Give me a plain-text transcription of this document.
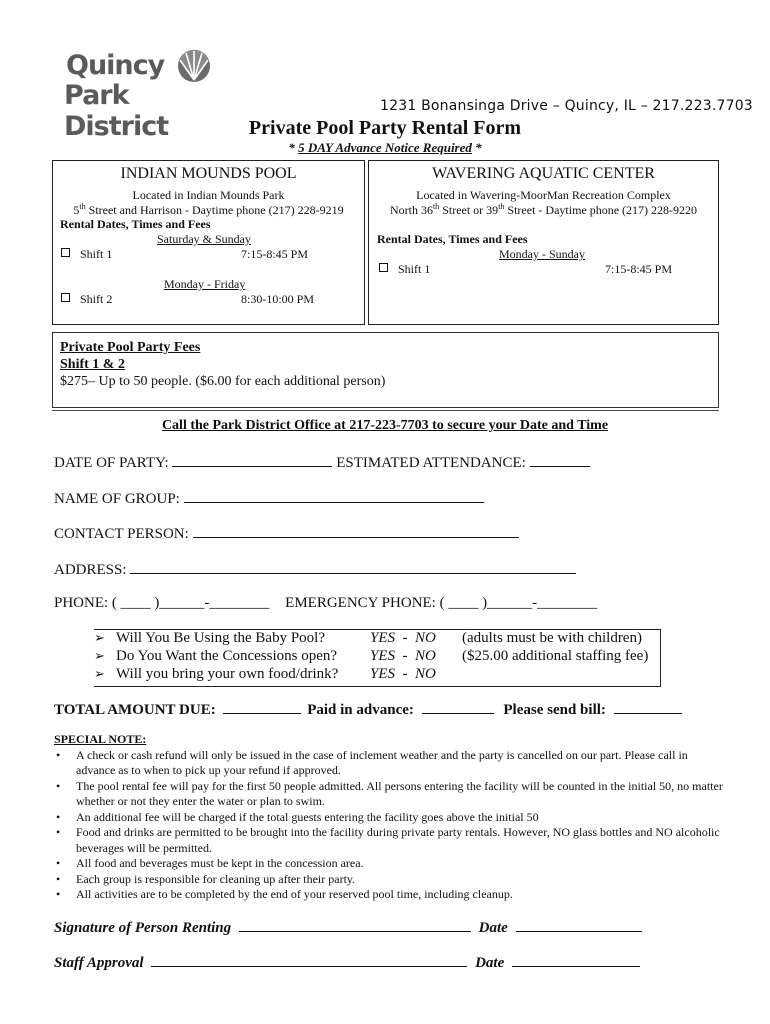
Quincy
Park District
1231 Bonansinga Drive – Quincy, IL – 217.223.7703
Private Pool Party Rental Form
* 5 DAY Advance Notice Required *
INDIAN MOUNDS POOL
Located in Indian Mounds Park
5th Street and Harrison - Daytime phone (217) 228-9219
Rental Dates, Times and Fees
Saturday & Sunday
Shift 1	7:15-8:45 PM
Monday - Friday
Shift 2	8:30-10:00 PM
WAVERING AQUATIC CENTER
Located in Wavering-MoorMan Recreation Complex
North 36th Street or 39th Street - Daytime phone (217) 228-9220
Rental Dates, Times and Fees
Monday - Sunday
Shift 1	7:15-8:45 PM
Private Pool Party Fees
Shift 1 & 2
$275– Up to 50 people. ($6.00 for each additional person)
Call the Park District Office at 217-223-7703 to secure your Date and Time
DATE OF PARTY:	ESTIMATED ATTENDANCE:
NAME OF GROUP:
CONTACT PERSON:
ADDRESS:
PHONE: ( ____ )______-________ EMERGENCY PHONE: ( ____ )______-________
➢ Will You Be Using the Baby Pool?	YES  -  NO (adults must be with children)
➢ Do You Want the Concessions open? YES  -  NO ($25.00 additional staffing fee)
➢ Will you bring your own food/drink? YES  -  NO
TOTAL AMOUNT DUE:	Paid in advance:	Please send bill:
SPECIAL NOTE:
• A check or cash refund will only be issued in the case of inclement weather and the party is cancelled on our part. Please call in advance as to when to pick up your refund if approved.
• The pool rental fee will pay for the first 50 people admitted. All persons entering the facility will be counted in the initial 50, no matter whether or not they enter the water or plan to swim.
• An additional fee will be charged if the total guests entering the facility goes above the initial 50
• Food and drinks are permitted to be brought into the facility during private party rentals. However, NO glass bottles and NO alcoholic beverages will be permitted.
• All food and beverages must be kept in the concession area.
• Each group is responsible for cleaning up after their party.
• All activities are to be completed by the end of your reserved pool time, including cleanup.
Signature of Person Renting	Date
Staff Approval	Date
